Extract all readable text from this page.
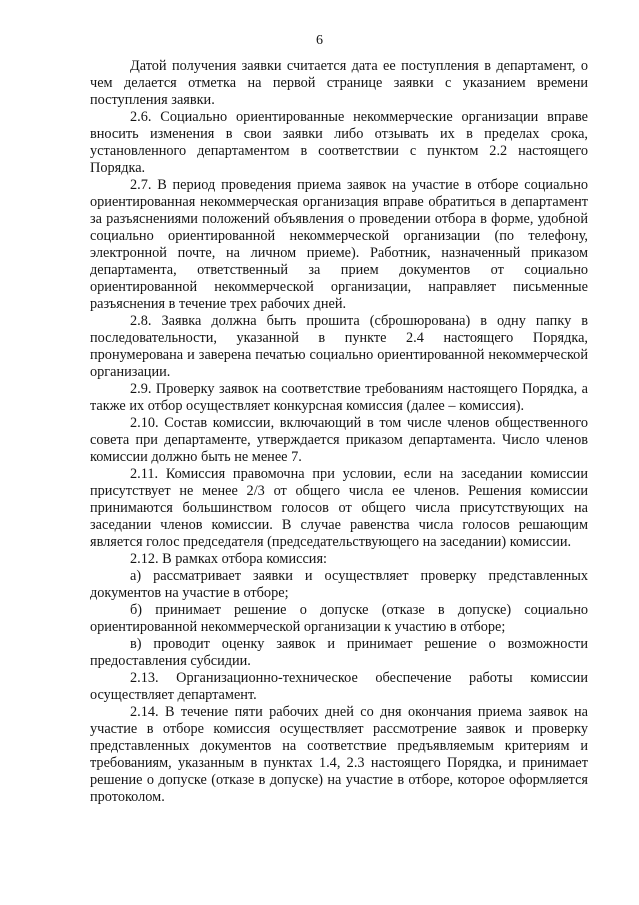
6

Датой получения заявки считается дата ее поступления в департамент, о чем делается отметка на первой странице заявки с указанием времени поступления заявки.

2.6. Социально ориентированные некоммерческие организации вправе вносить изменения в свои заявки либо отзывать их в пределах срока, установленного департаментом в соответствии с пунктом 2.2 настоящего Порядка.

2.7. В период проведения приема заявок на участие в отборе социально ориентированная некоммерческая организация вправе обратиться в департамент за разъяснениями положений объявления о проведении отбора в форме, удобной социально ориентированной некоммерческой организации (по телефону, электронной почте, на личном приеме). Работник, назначенный приказом департамента, ответственный за прием документов от социально ориентированной некоммерческой организации, направляет письменные разъяснения в течение трех рабочих дней.

2.8. Заявка должна быть прошита (сброшюрована) в одну папку в последовательности, указанной в пункте 2.4 настоящего Порядка, пронумерована и заверена печатью социально ориентированной некоммерческой организации.

2.9. Проверку заявок на соответствие требованиям настоящего Порядка, а также их отбор осуществляет конкурсная комиссия (далее – комиссия).

2.10. Состав комиссии, включающий в том числе членов общественного совета при департаменте, утверждается приказом департамента. Число членов комиссии должно быть не менее 7.

2.11. Комиссия правомочна при условии, если на заседании комиссии присутствует не менее 2/3 от общего числа ее членов. Решения комиссии принимаются большинством голосов от общего числа присутствующих на заседании членов комиссии. В случае равенства числа голосов решающим является голос председателя (председательствующего на заседании) комиссии.

2.12. В рамках отбора комиссия:

а) рассматривает заявки и осуществляет проверку представленных документов на участие в отборе;

б) принимает решение о допуске (отказе в допуске) социально ориентированной некоммерческой организации к участию в отборе;

в) проводит оценку заявок и принимает решение о возможности предоставления субсидии.

2.13. Организационно-техническое обеспечение работы комиссии осуществляет департамент.

2.14. В течение пяти рабочих дней со дня окончания приема заявок на участие в отборе комиссия осуществляет рассмотрение заявок и проверку представленных документов на соответствие предъявляемым критериям и требованиям, указанным в пунктах 1.4, 2.3 настоящего Порядка, и принимает решение о допуске (отказе в допуске) на участие в отборе, которое оформляется протоколом.
